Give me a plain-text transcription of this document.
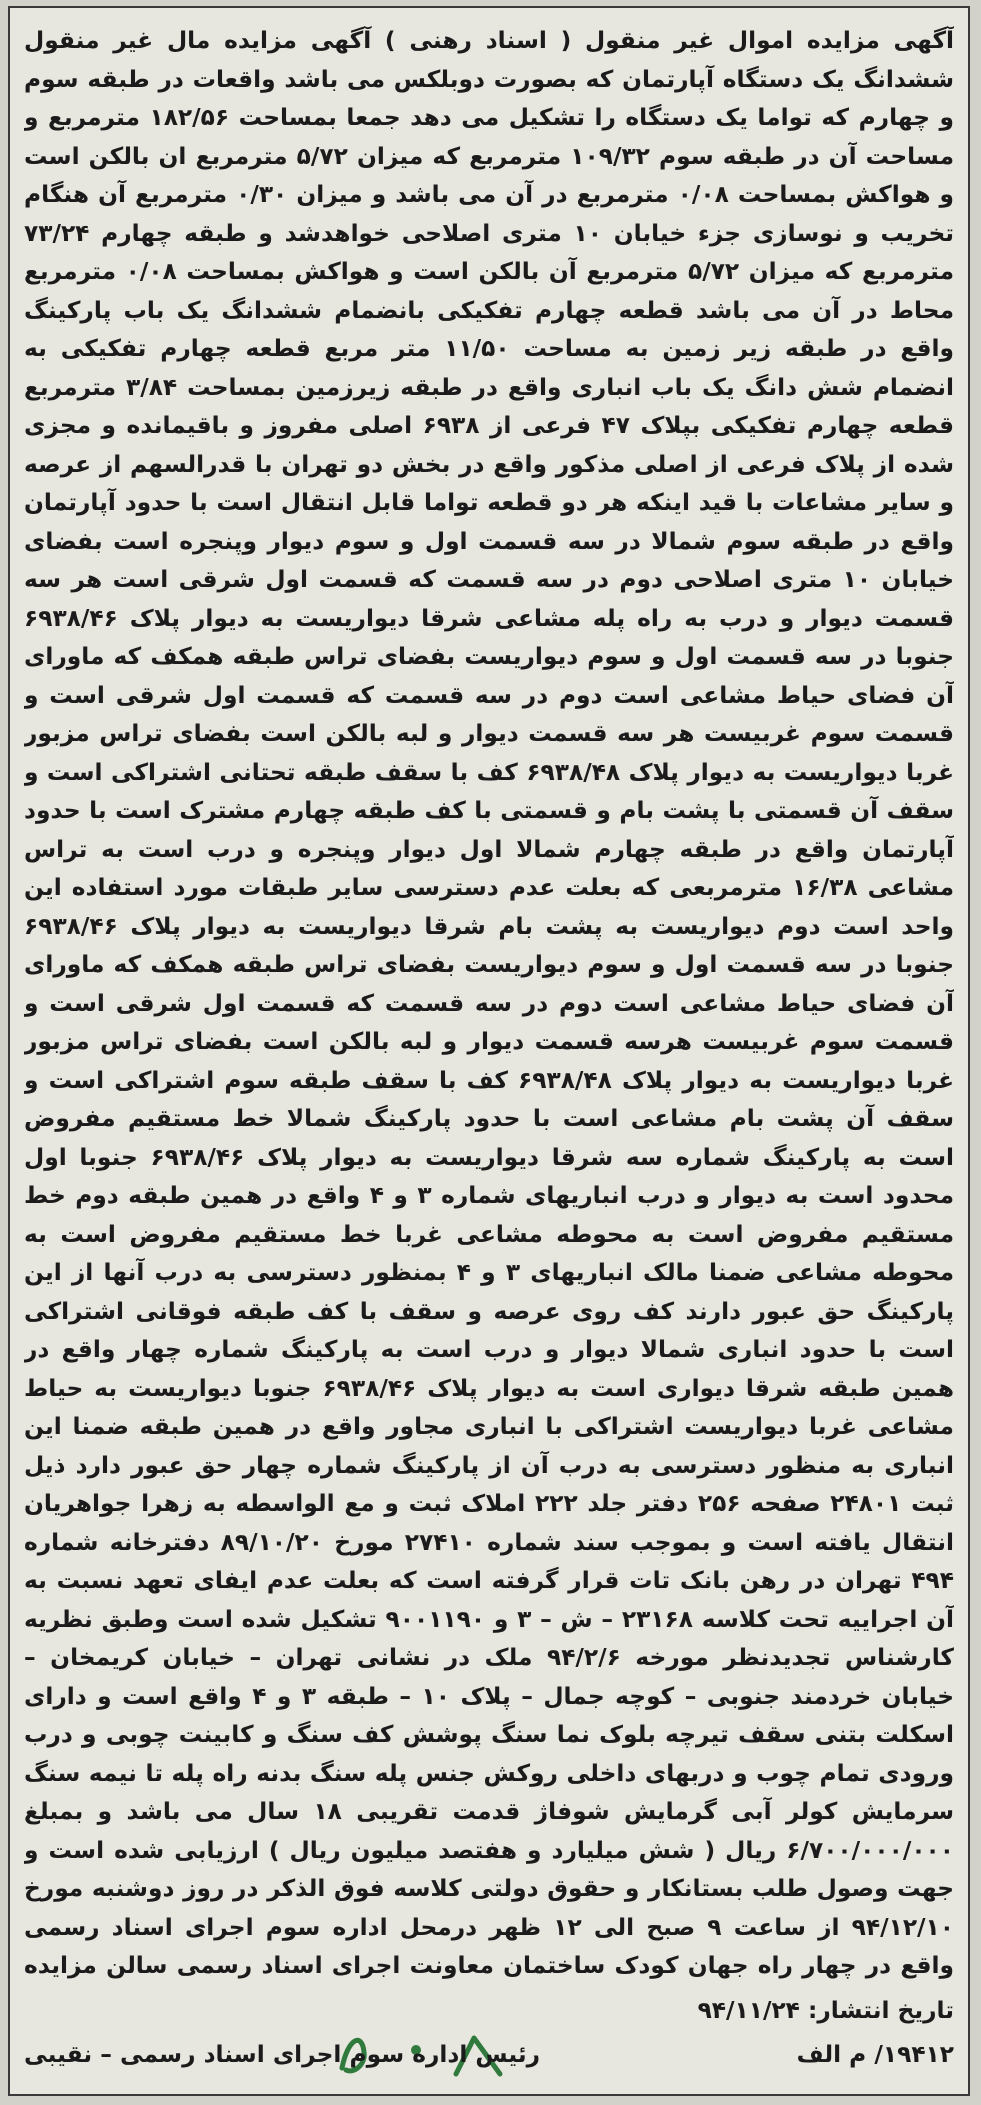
آگهی مزایده اموال غیر منقول ( اسناد رهنی ) آگهی مزایده مال غیر منقول ششدانگ یک دستگاه آپارتمان که بصورت دوبلکس می باشد واقعات در طبقه سوم و چهارم که تواما یک دستگاه را تشکیل می دهد جمعا بمساحت ۱۸۲/۵۶ مترمربع و مساحت آن در طبقه سوم ۱۰۹/۳۲ مترمربع که میزان ۵/۷۲ مترمربع ان بالکن است و هواکش بمساحت ۰/۰۸ مترمربع در آن می باشد و میزان ۰/۳۰ مترمربع آن هنگام تخریب و نوسازی جزء خیابان ۱۰ متری اصلاحی خواهدشد و طبقه چهارم ۷۳/۲۴ مترمربع که میزان ۵/۷۲ مترمربع آن بالکن است و هواکش بمساحت ۰/۰۸ مترمربع محاط در آن می باشد قطعه چهارم تفکیکی بانضمام ششدانگ یک باب پارکینگ واقع در طبقه زیر زمین به مساحت ۱۱/۵۰ متر مربع قطعه چهارم تفکیکی به انضمام شش دانگ یک باب انباری واقع در طبقه زیرزمین بمساحت ۳/۸۴ مترمربع قطعه چهارم تفکیکی بپلاک ۴۷ فرعی از ۶۹۳۸ اصلی مفروز و باقیمانده و مجزی شده از پلاک فرعی از اصلی مذکور واقع در بخش دو تهران با قدرالسهم از عرصه و سایر مشاعات با قید اینکه هر دو قطعه تواما قابل انتقال است با حدود آپارتمان واقع در طبقه سوم شمالا در سه قسمت اول و سوم دیوار وپنجره است بفضای خیابان ۱۰ متری اصلاحی دوم در سه قسمت که قسمت اول شرقی است هر سه قسمت دیوار و درب به راه پله مشاعی شرقا دیواریست به دیوار پلاک ۶۹۳۸/۴۶ جنوبا در سه قسمت اول و سوم دیواریست بفضای تراس طبقه همکف که ماورای آن فضای حیاط مشاعی است دوم در سه قسمت که قسمت اول شرقی است و قسمت سوم غربیست هر سه قسمت دیوار و لبه بالکن است بفضای تراس مزبور غربا دیواریست به دیوار پلاک ۶۹۳۸/۴۸ کف با سقف طبقه تحتانی اشتراکی است و سقف آن قسمتی با پشت بام و قسمتی با کف طبقه چهارم مشترک است با حدود آپارتمان واقع در طبقه چهارم شمالا اول دیوار وپنجره و درب است به تراس مشاعی ۱۶/۳۸ مترمربعی که بعلت عدم دسترسی سایر طبقات مورد استفاده این واحد است دوم دیواریست به پشت بام شرقا دیواریست به دیوار پلاک ۶۹۳۸/۴۶ جنوبا در سه قسمت اول و سوم دیواریست بفضای تراس طبقه همکف که ماورای آن فضای حیاط مشاعی است دوم در سه قسمت که قسمت اول شرقی است و قسمت سوم غربیست هرسه قسمت دیوار و لبه بالکن است بفضای تراس مزبور غربا دیواریست به دیوار پلاک ۶۹۳۸/۴۸ کف با سقف طبقه سوم اشتراکی است و سقف آن پشت بام مشاعی است با حدود پارکینگ شمالا خط مستقیم مفروض است به پارکینگ شماره سه شرقا دیواریست به دیوار پلاک ۶۹۳۸/۴۶ جنوبا اول محدود است به دیوار و درب انباریهای شماره ۳ و ۴ واقع در همین طبقه دوم خط مستقیم مفروض است به محوطه مشاعی غربا خط مستقیم مفروض است به محوطه مشاعی ضمنا مالک انباریهای ۳ و ۴ بمنظور دسترسی به درب آنها از این پارکینگ حق عبور دارند کف روی عرصه و سقف با کف طبقه فوقانی اشتراکی است با حدود انباری شمالا دیوار و درب است به پارکینگ شماره چهار واقع در همین طبقه شرقا دیواری است به دیوار پلاک ۶۹۳۸/۴۶ جنوبا دیواریست به حیاط مشاعی غربا دیواریست اشتراکی با انباری مجاور واقع در همین طبقه ضمنا این انباری به منظور دسترسی به درب آن از پارکینگ شماره چهار حق عبور دارد ذیل ثبت ۲۴۸۰۱ صفحه ۲۵۶ دفتر جلد ۲۲۲ املاک ثبت و مع الواسطه به زهرا جواهریان انتقال یافته است و بموجب سند شماره ۲۷۴۱۰ مورخ ۸۹/۱۰/۲۰ دفترخانه شماره ۴۹۴ تهران در رهن بانک تات قرار گرفته است که بعلت عدم ایفای تعهد نسبت به آن اجراییه تحت کلاسه ۲۳۱۶۸ – ش – ۳ و ۹۰۰۱۱۹۰ تشکیل شده است وطبق نظریه کارشناس تجدیدنظر مورخه ۹۴/۲/۶ ملک در نشانی تهران – خیابان کریمخان – خیابان خردمند جنوبی – کوچه جمال – پلاک ۱۰ – طبقه ۳ و ۴ واقع است و دارای اسکلت بتنی سقف تیرچه بلوک نما سنگ پوشش کف سنگ و کابینت چوبی و درب ورودی تمام چوب و دربهای داخلی روکش جنس پله سنگ بدنه راه پله تا نیمه سنگ سرمایش کولر آبی گرمایش شوفاژ قدمت تقریبی ۱۸ سال می باشد و بمبلغ ۶/۷۰۰/۰۰۰/۰۰۰ ریال ( شش میلیارد و هفتصد میلیون ریال ) ارزیابی شده است و جهت وصول طلب بستانکار و حقوق دولتی کلاسه فوق الذکر در روز دوشنبه مورخ ۹۴/۱۲/۱۰ از ساعت ۹ صبح الی ۱۲ ظهر درمحل اداره سوم اجرای اسناد رسمی واقع در چهار راه جهان کودک ساختمان معاونت اجرای اسناد رسمی سالن مزایده
تاریخ انتشار: ۹۴/۱۱/۲۴
۱۹۴۱۲/ م الف
رئیس اداره سوم اجرای اسناد رسمی – نقیبی
